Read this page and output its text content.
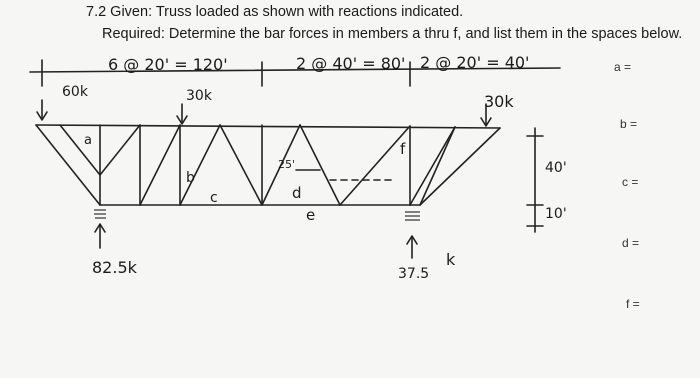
7.2 Given: Truss loaded as shown with reactions indicated.
Required: Determine the bar forces in members a thru f, and list them in the spaces below.
a =
b =
c =
d =
f =
6 @ 20' = 120'	2 @ 40' = 80' 2 @ 20' = 40'
60k	30k	30k
a
b
c	d
e
f
25'	40'
10'
82.5k	37.5
k
